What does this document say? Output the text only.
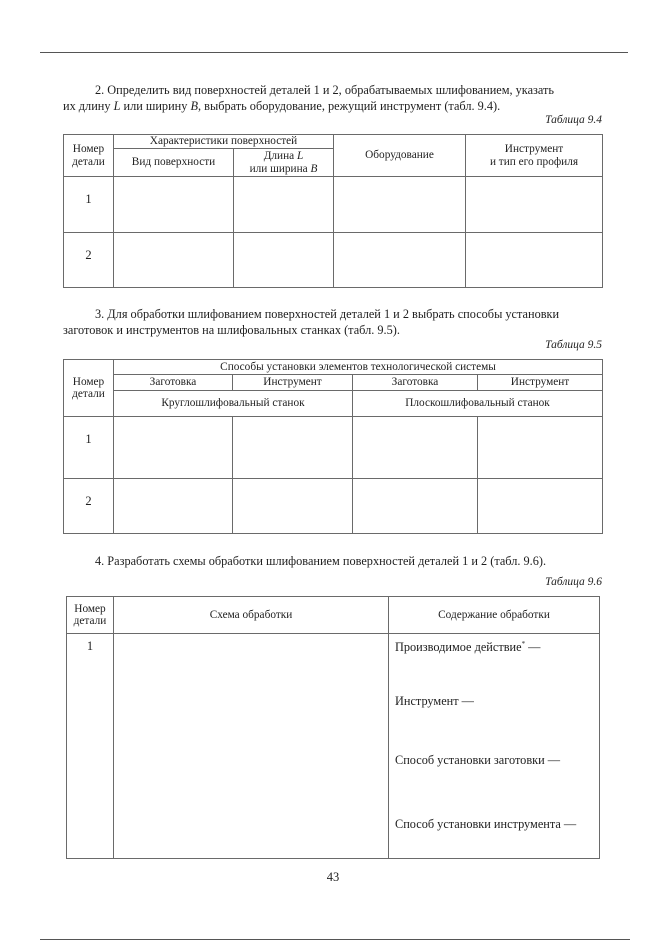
2. Определить вид поверхностей деталей 1 и 2, обрабатываемых шлифованием, указать
их длину L или ширину B, выбрать оборудование, режущий инструмент (табл. 9.4).
Таблица 9.4
Номер детали	Характеристики поверхностей		Оборудование	Инструмент
и тип его профиля
	Вид поверхности	Длина L
или ширина B		
1				
2				
3. Для обработки шлифованием поверхностей деталей 1 и 2 выбрать способы установки
заготовок и инструментов на шлифовальных станках (табл. 9.5).
Таблица 9.5
Номер детали	Способы установки элементов технологической системы			
	Заготовка	Инструмент	Заготовка	Инструмент
	Круглошлифовальный станок		Плоскошлифовальный станок	
1				
2				
4. Разработать схемы обработки шлифованием поверхностей деталей 1 и 2 (табл. 9.6).
Таблица 9.6
Номер детали	Схема обработки	Содержание обработки
1		Производимое действие* —
Инструмент —
Способ установки заготовки —
Способ установки инструмента —
43
